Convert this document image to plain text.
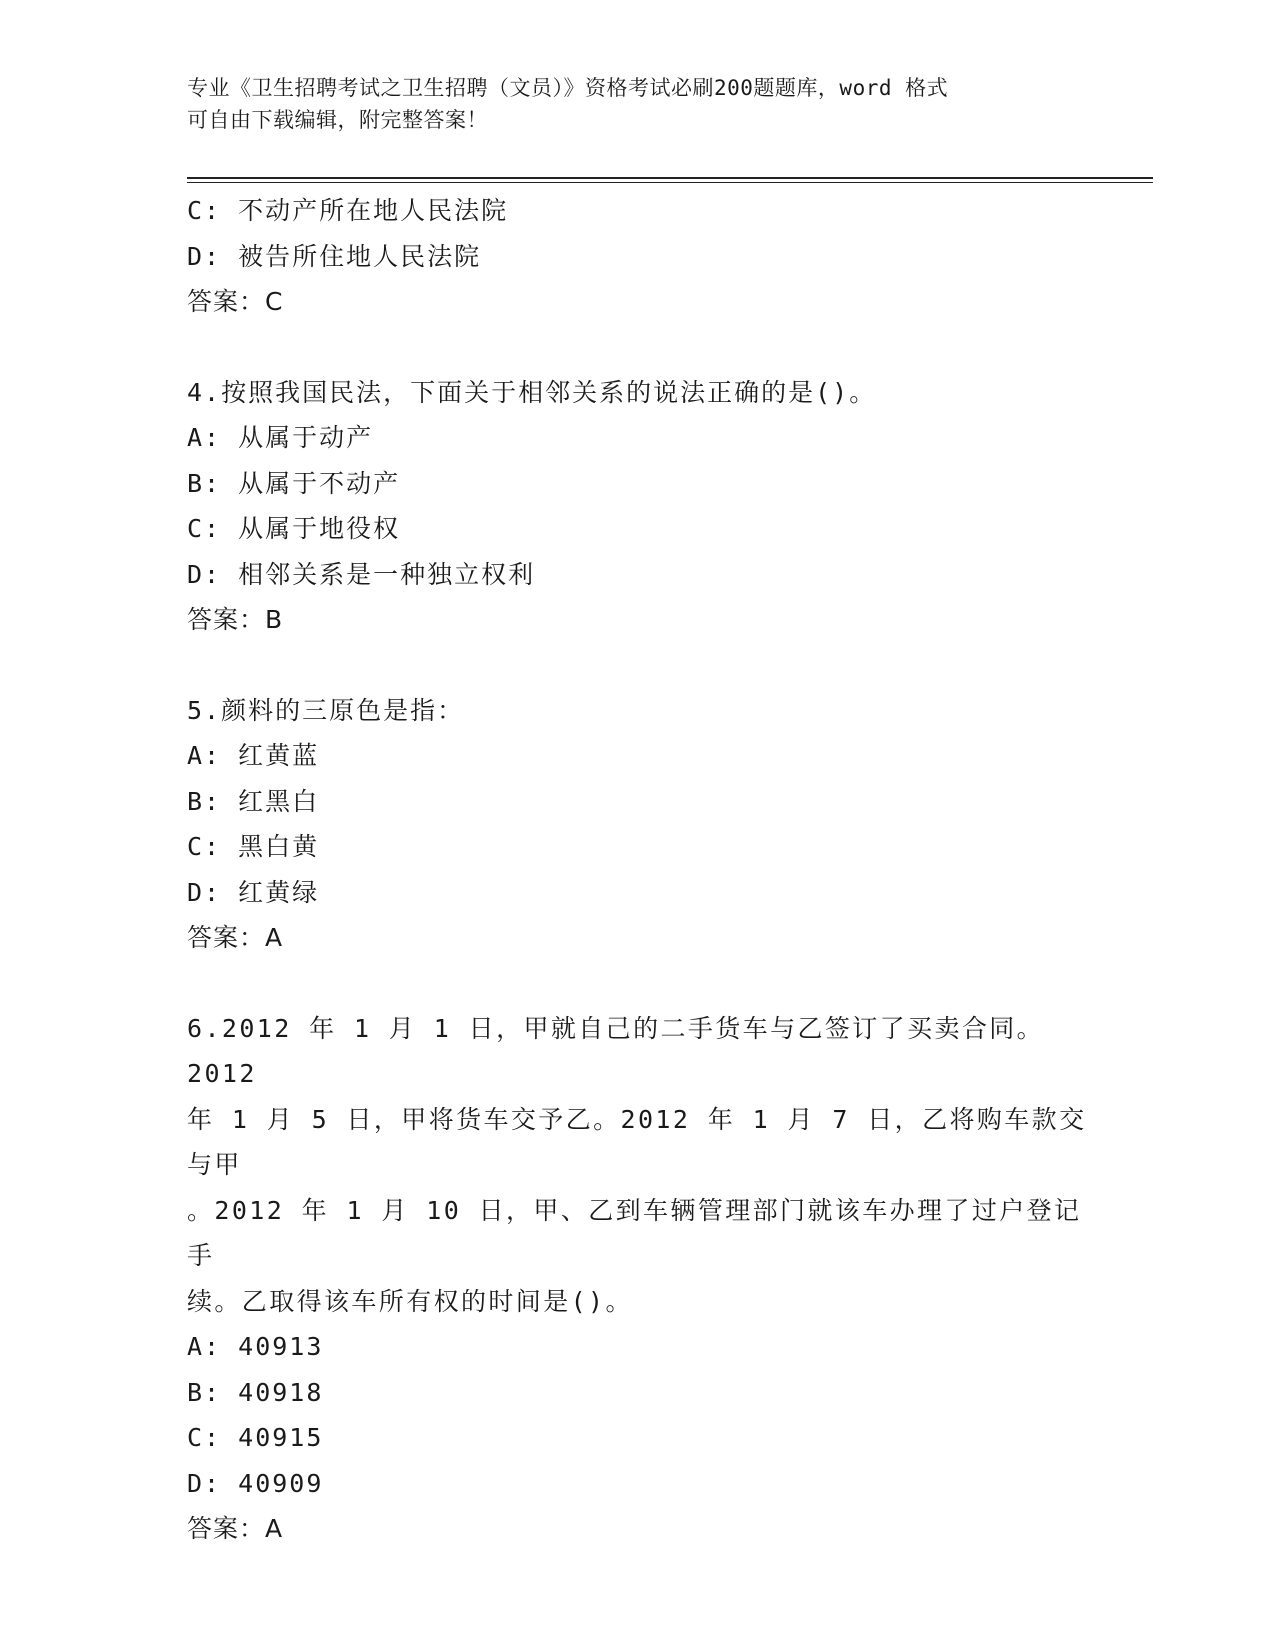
专业《卫生招聘考试之卫生招聘（文员）》资格考试必刷200题题库，word 格式
可自由下载编辑，附完整答案！
C: 不动产所在地人民法院
D: 被告所住地人民法院
答案：C
4.按照我国民法，下面关于相邻关系的说法正确的是()。
A: 从属于动产
B: 从属于不动产
C: 从属于地役权
D: 相邻关系是一种独立权利
答案：B
5.颜料的三原色是指：
A: 红黄蓝
B: 红黑白
C: 黑白黄
D: 红黄绿
答案：A
6.2012 年 1 月 1 日，甲就自己的二手货车与乙签订了买卖合同。2012
年 1 月 5 日，甲将货车交予乙。2012 年 1 月 7 日，乙将购车款交与甲
。2012 年 1 月 10 日，甲、乙到车辆管理部门就该车办理了过户登记手
续。乙取得该车所有权的时间是()。
A: 40913
B: 40918
C: 40915
D: 40909
答案：A
